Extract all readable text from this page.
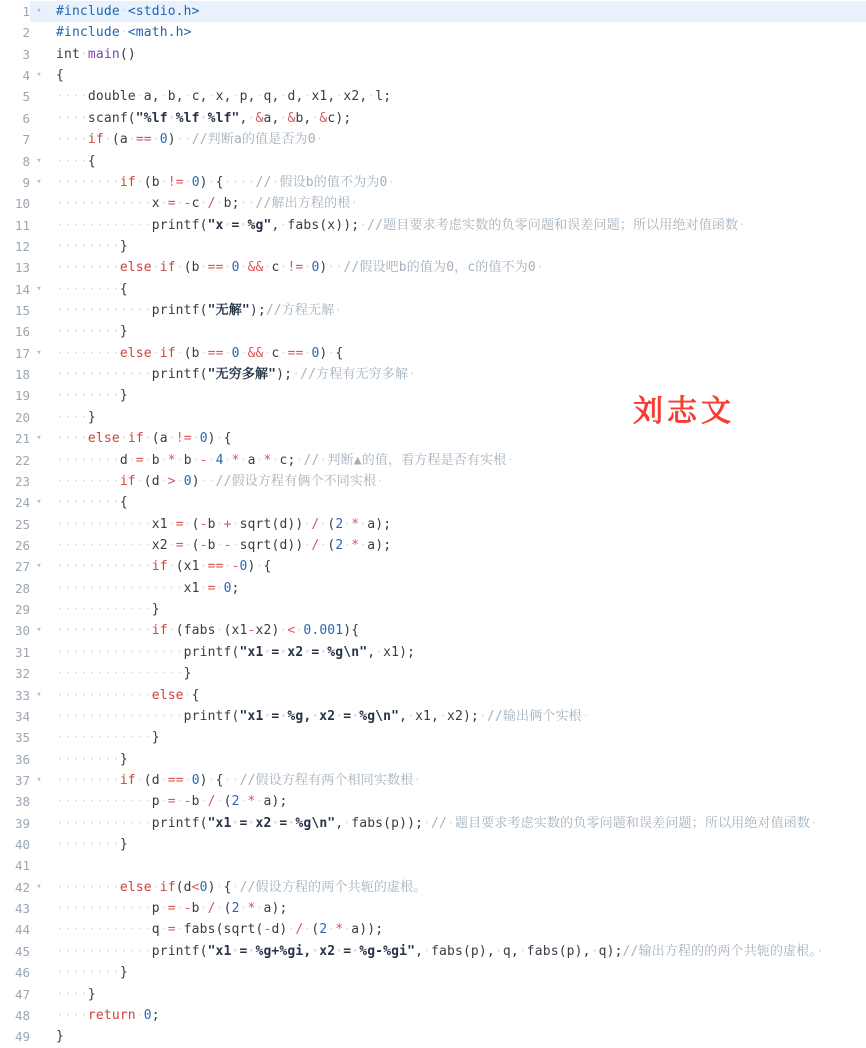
1 ▾	#include·<stdio.h>
2	#include·<math.h>
3	int·main()
4 ▾	{
5	····double·a,·b,·c,·x,·p,·q,·d,·x1,·x2,·l;
6	····scanf("%lf·%lf·%lf",·&a,·&b,·&c);
7	····if·(a·==·0)··//判断a的值是否为0·
8 ▾	····{
9 ▾	········if·(b·!=·0)·{····//·假设b的值不为为0·
10	············x·=·-c·/·b;··//解出方程的根·
11	············printf("x·=·%g",·fabs(x));·//题目要求考虑实数的负零问题和误差问题；所以用绝对值函数·
12	········}
13	········else·if·(b·==·0·&&·c·!=·0)··//假设吧b的值为0，c的值不为0·
14 ▾	········{
15	············printf("无解");//方程无解·
16	········}
17 ▾	········else·if·(b·==·0·&&·c·==·0)·{
18	············printf("无穷多解");·//方程有无穷多解·
19	········}
20	····}
21 ▾	····else·if·(a·!=·0)·{
22	········d·=·b·*·b·-·4·*·a·*·c;·//·判断▲的值，看方程是否有实根·
23	········if·(d·>·0)··//假设方程有俩个不同实根·
24 ▾	········{
25	············x1·=·(-b·+·sqrt(d))·/·(2·*·a);
26	············x2·=·(-b·-·sqrt(d))·/·(2·*·a);
27 ▾	············if·(x1·==·-0)·{
28	················x1·=·0;
29	············}
30 ▾	············if·(fabs·(x1-x2)·<·0.001){
31	················printf("x1·=·x2·=·%g\n",·x1);
32	················}
33 ▾	············else·{
34	················printf("x1·=·%g,·x2·=·%g\n",·x1,·x2);·//输出俩个实根·
35	············}
36	········}
37 ▾	········if·(d·==·0)·{··//假设方程有两个相同实数根·
38	············p·=·-b·/·(2·*·a);
39	············printf("x1·=·x2·=·%g\n",·fabs(p));·//·题目要求考虑实数的负零问题和误差问题；所以用绝对值函数·
40	········}
41
42 ▾	········else·if(d<0)·{·//假设方程的两个共轭的虚根。
43	············p·=·-b·/·(2·*·a);
44	············q·=·fabs(sqrt(-d)·/·(2·*·a));
45	············printf("x1·=·%g+%gi,·x2·=·%g-%gi",·fabs(p),·q,·fabs(p),·q);//输出方程的的两个共轭的虚根。·
46	········}
47	····}
48	····return·0;
49	}
刘志文
